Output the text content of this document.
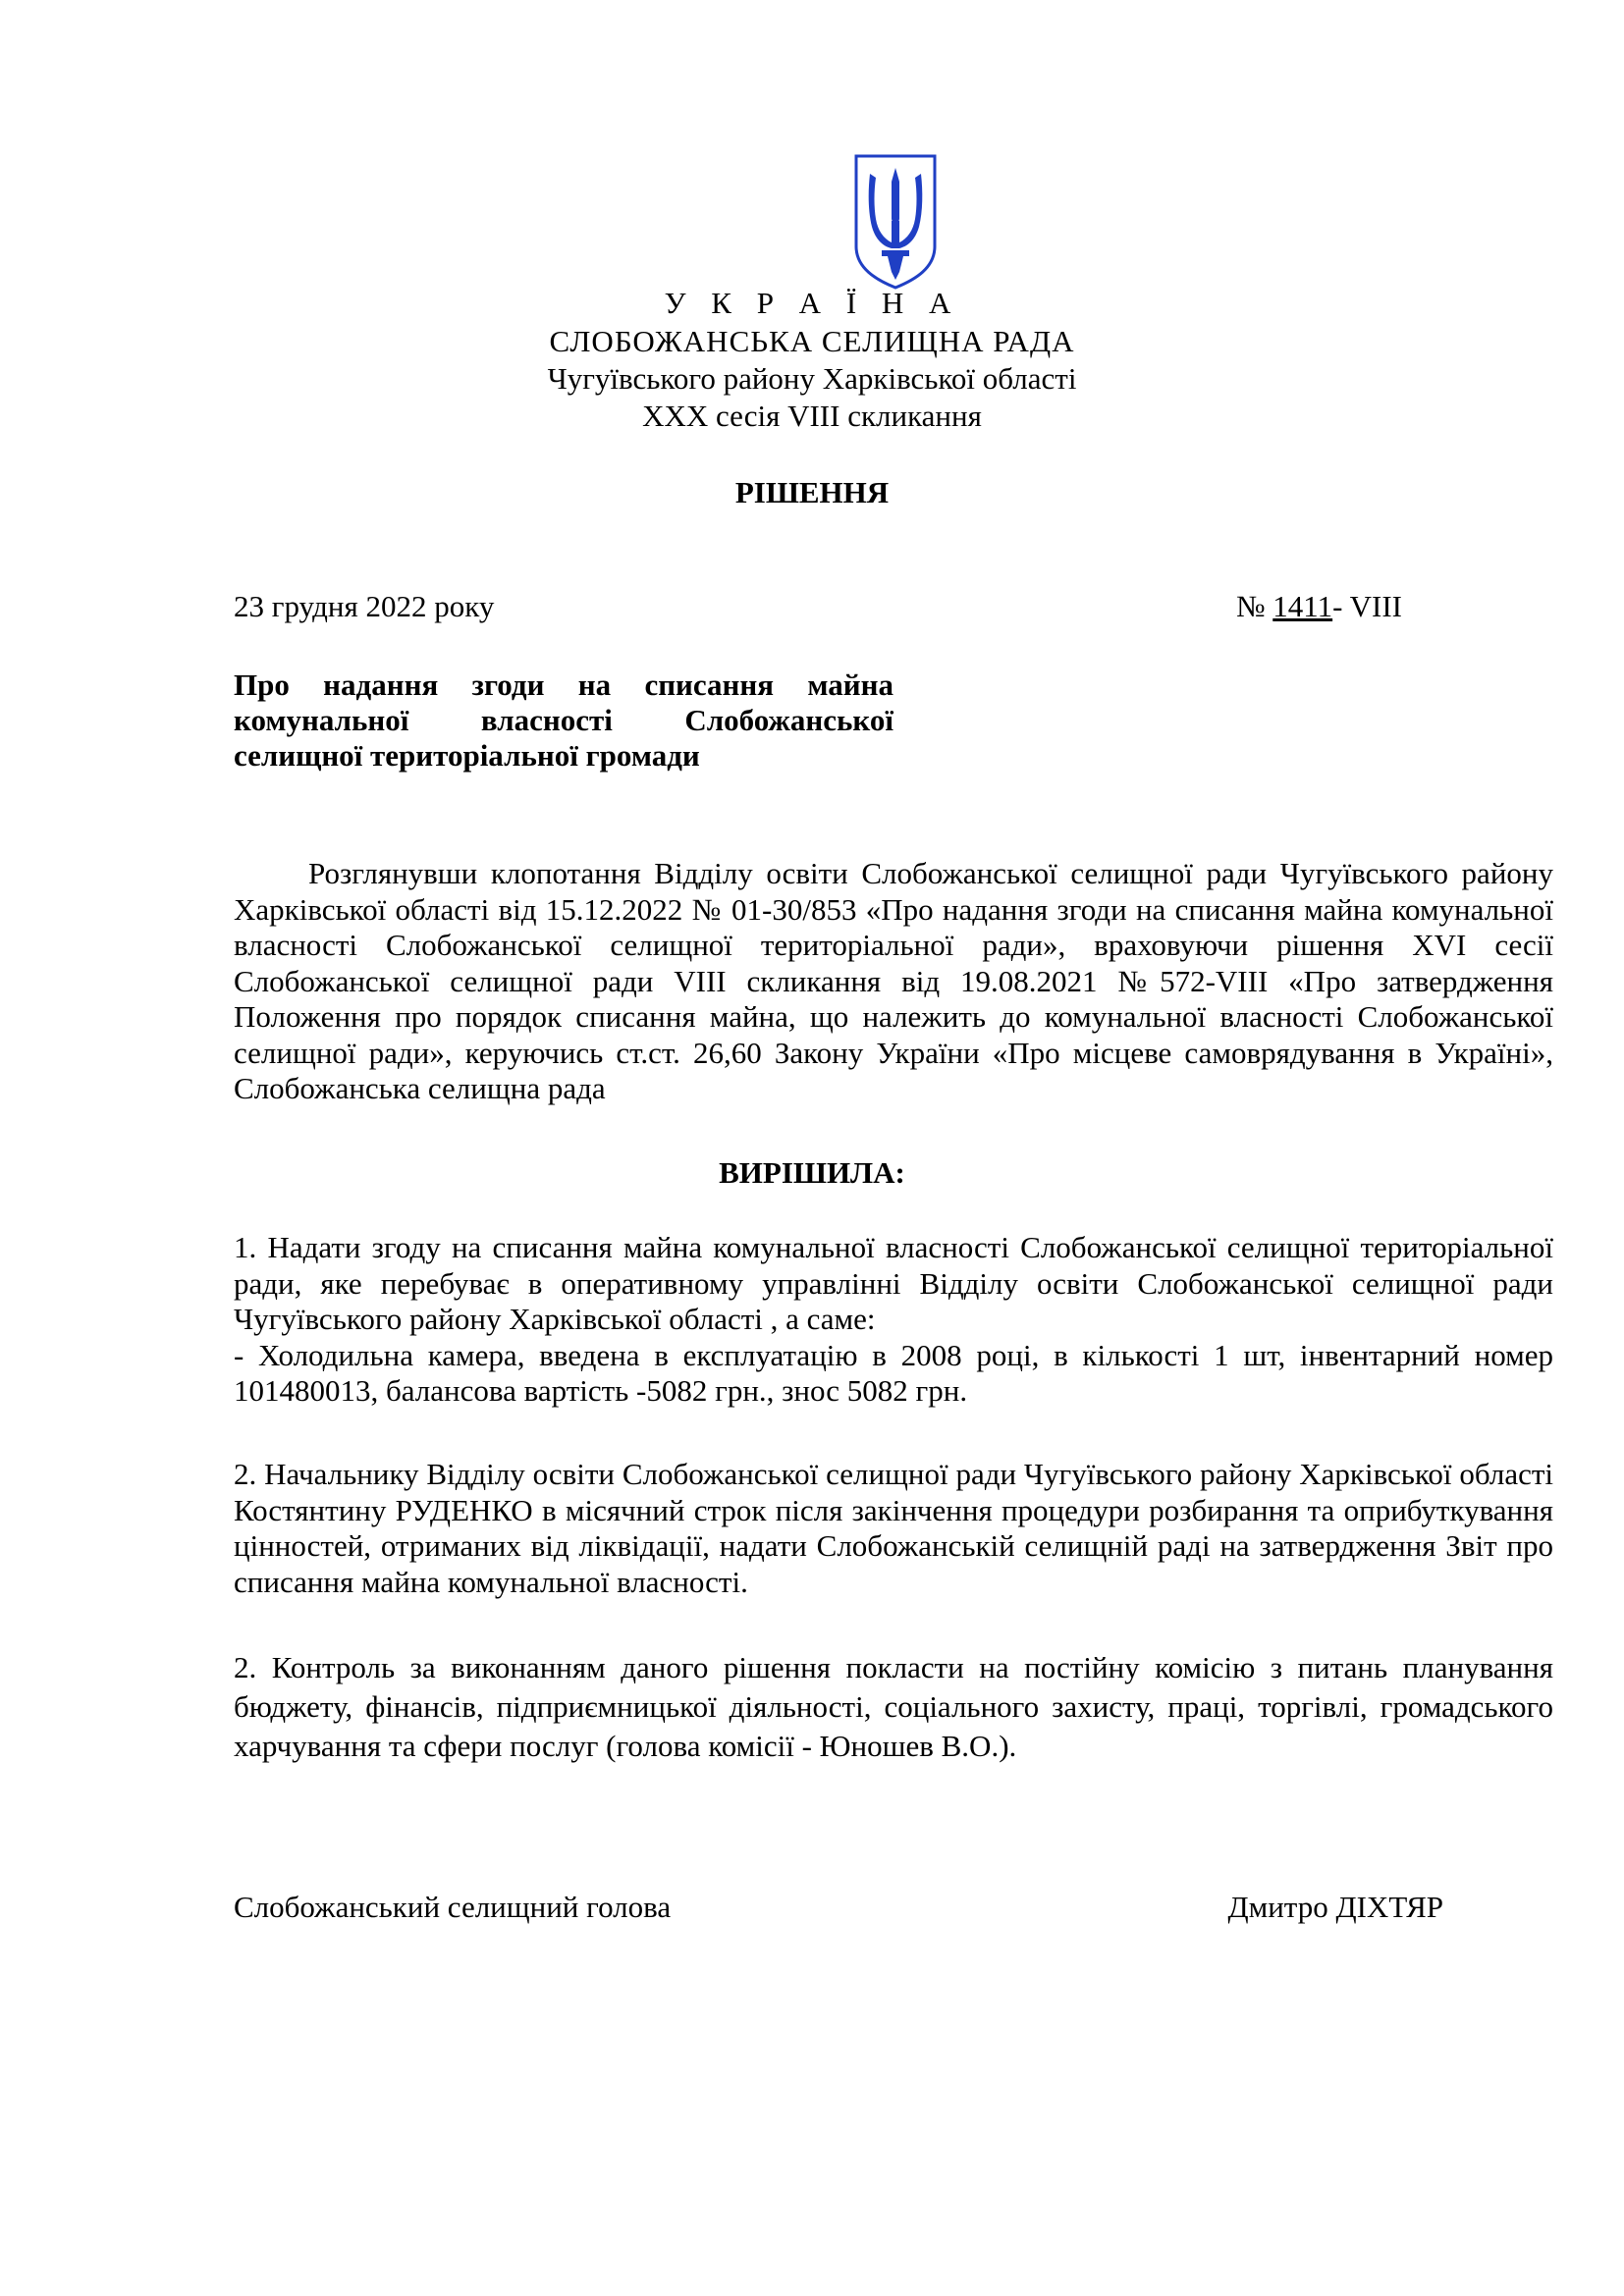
У К Р А Ї Н А
СЛОБОЖАНСЬКА СЕЛИЩНА РАДА
Чугуївського району Харківської області
XXX сесія VIII скликання
РІШЕННЯ
23 грудня 2022 року	№ 1411- VIII
Про надання згоди на списання майна
комунальної власності Слобожанської
селищної територіальної громади
Розглянувши клопотання Відділу освіти Слобожанської селищної ради Чугуївського району Харківської області від 15.12.2022 № 01-30/853 «Про надання згоди на списання майна комунальної власності Слобожанської селищної територіальної ради», враховуючи рішення XVI сесії Слобожанської селищної ради VIII скликання від 19.08.2021 №572-VIII «Про затвердження Положення про порядок списання майна, що належить до комунальної власності Слобожанської селищної ради», керуючись ст.ст. 26,60 Закону України «Про місцеве самоврядування в Україні», Слобожанська селищна рада
ВИРІШИЛА:
1. Надати згоду на списання майна комунальної власності Слобожанської селищної територіальної ради, яке перебуває в оперативному управлінні Відділу освіти Слобожанської селищної ради Чугуївського району Харківської області , а саме:
- Холодильна камера, введена в експлуатацію в 2008 році, в кількості 1 шт, інвентарний номер 101480013, балансова вартість -5082 грн., знос 5082 грн.
2. Начальнику Відділу освіти Слобожанської селищної ради Чугуївського району Харківської області Костянтину РУДЕНКО в місячний строк після закінчення процедури розбирання та оприбуткування цінностей, отриманих від ліквідації, надати Слобожанській селищній раді на затвердження Звіт про списання майна комунальної власності.
2. Контроль за виконанням даного рішення покласти на постійну комісію з питань планування бюджету, фінансів, підприємницької діяльності, соціального захисту, праці, торгівлі, громадського харчування та сфери послуг (голова комісії - Юношев В.О.).
Слобожанський селищний голова	Дмитро ДІХТЯР
